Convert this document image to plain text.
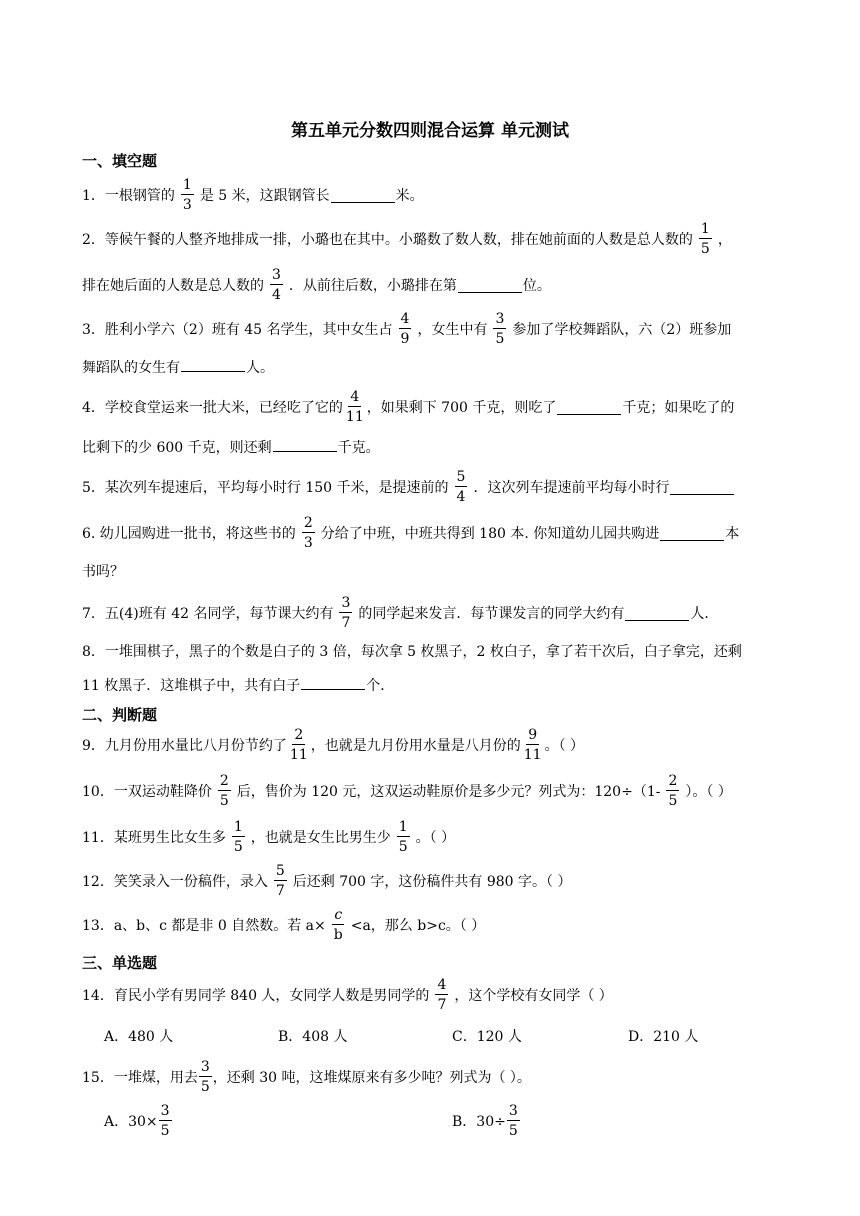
第五单元分数四则混合运算 单元测试
一、填空题
1．一根钢管的 $\frac{1}{3}$ 是 5 米，这跟钢管长	米。
2．等候午餐的人整齐地排成一排，小璐也在其中。小璐数了数人数，排在她前面的人数是总人数的 $\frac{1}{5}$ ，
排在她后面的人数是总人数的 $\frac{3}{4}$ ．从前往后数，小璐排在第	位。
3．胜利小学六（2）班有 45 名学生，其中女生占 $\frac{4}{9}$ ，女生中有 $\frac{3}{5}$ 参加了学校舞蹈队，六（2）班参加
舞蹈队的女生有	人。
4．学校食堂运来一批大米，已经吃了它的 $\frac{4}{11}$ ，如果剩下 700 千克，则吃了	千克；如果吃了的
比剩下的少 600 千克，则还剩	千克。
5．某次列车提速后，平均每小时行 150 千米，是提速前的 $\frac{5}{4}$ ．这次列车提速前平均每小时行
6. 幼儿园购进一批书，将这些书的 $\frac{2}{3}$ 分给了中班，中班共得到 180 本. 你知道幼儿园共购进	本
书吗？
7．五(4)班有 42 名同学，每节课大约有 $\frac{3}{7}$ 的同学起来发言．每节课发言的同学大约有	人．
8．一堆围棋子，黑子的个数是白子的 3 倍，每次拿 5 枚黑子，2 枚白子，拿了若干次后，白子拿完，还剩
11 枚黑子．这堆棋子中，共有白子	个．
二、判断题
9．九月份用水量比八月份节约了 $\frac{2}{11}$ ，也就是九月份用水量是八月份的 $\frac{9}{11}$ 。（ ）
10．一双运动鞋降价 $\frac{2}{5}$ 后，售价为 120 元，这双运动鞋原价是多少元？列式为：$120\div(1- \frac{2}{5}$ ）。（ ）
11．某班男生比女生多 $\frac{1}{5}$ ，也就是女生比男生少 $\frac{1}{5}$ 。（ ）
12．笑笑录入一份稿件，录入 $\frac{5}{7}$ 后还剩 700 字，这份稿件共有 980 字。（ ）
13．a、b、c 都是非 0 自然数。若 $a\times \frac{c}{b} <a$，那么 b>c。（ ）
三、单选题
14．育民小学有男同学 840 人，女同学人数是男同学的 $\frac{4}{7}$ ，这个学校有女同学（ ）
A．480 人	B．408 人	C．120 人	D．210 人
15．一堆煤，用去 $\frac{3}{5}$ ，还剩 30 吨，这堆煤原来有多少吨？列式为（ ）。
A．$30\times \frac{3}{5}$	B．$30\div \frac{3}{5}$
